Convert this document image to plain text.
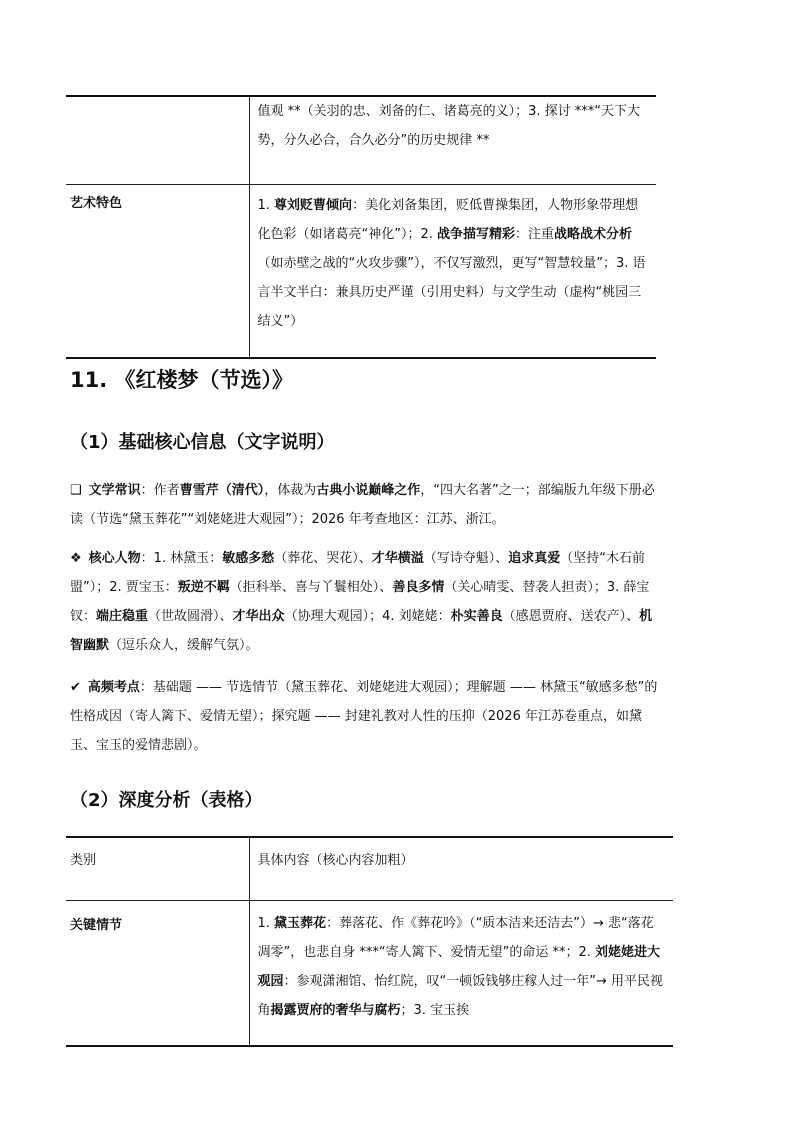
	值观 **（关羽的忠、刘备的仁、诸葛亮的义）；3. 探讨 ***“天下大势，分久必合，合久必分”的历史规律 **
艺术特色	1. 尊刘贬曹倾向：美化刘备集团，贬低曹操集团，人物形象带理想化色彩（如诸葛亮“神化”）；2. 战争描写精彩：注重战略战术分析（如赤壁之战的“火攻步骤”），不仅写激烈，更写“智慧较量”；3. 语言半文半白：兼具历史严谨（引用史料）与文学生动（虚构“桃园三结义”）
11. 《红楼梦（节选）》
（1）基础核心信息（文字说明）

❑ 文学常识：作者曹雪芹（清代），体裁为古典小说巅峰之作，“四大名著”之一；部编版九年级下册必读（节选“黛玉葬花”“刘姥姥进大观园”）；2026 年考查地区：江苏、浙江。

❖ 核心人物：1. 林黛玉：敏感多愁（葬花、哭花）、才华横溢（写诗夺魁）、追求真爱（坚持“木石前盟”）；2. 贾宝玉：叛逆不羁（拒科举、喜与丫鬟相处）、善良多情（关心晴雯、替袭人担责）；3. 薛宝钗：端庄稳重（世故圆滑）、才华出众（协理大观园）；4. 刘姥姥：朴实善良（感恩贾府、送农产）、机智幽默（逗乐众人，缓解气氛）。

✔ 高频考点：基础题 —— 节选情节（黛玉葬花、刘姥姥进大观园）；理解题 —— 林黛玉“敏感多愁”的性格成因（寄人篱下、爱情无望）；探究题 —— 封建礼教对人性的压抑（2026 年江苏卷重点，如黛玉、宝玉的爱情悲剧）。

（2）深度分析（表格）
类别	具体内容（核心内容加粗）
关键情节	1. 黛玉葬花：葬落花、作《葬花吟》（“质本洁来还洁去”）→ 悲“落花凋零”，也悲自身 ***“寄人篱下、爱情无望”的命运 **；2. 刘姥姥进大观园：参观潇湘馆、怡红院，叹“一顿饭钱够庄稼人过一年”→ 用平民视角揭露贾府的奢华与腐朽；3. 宝玉挨
